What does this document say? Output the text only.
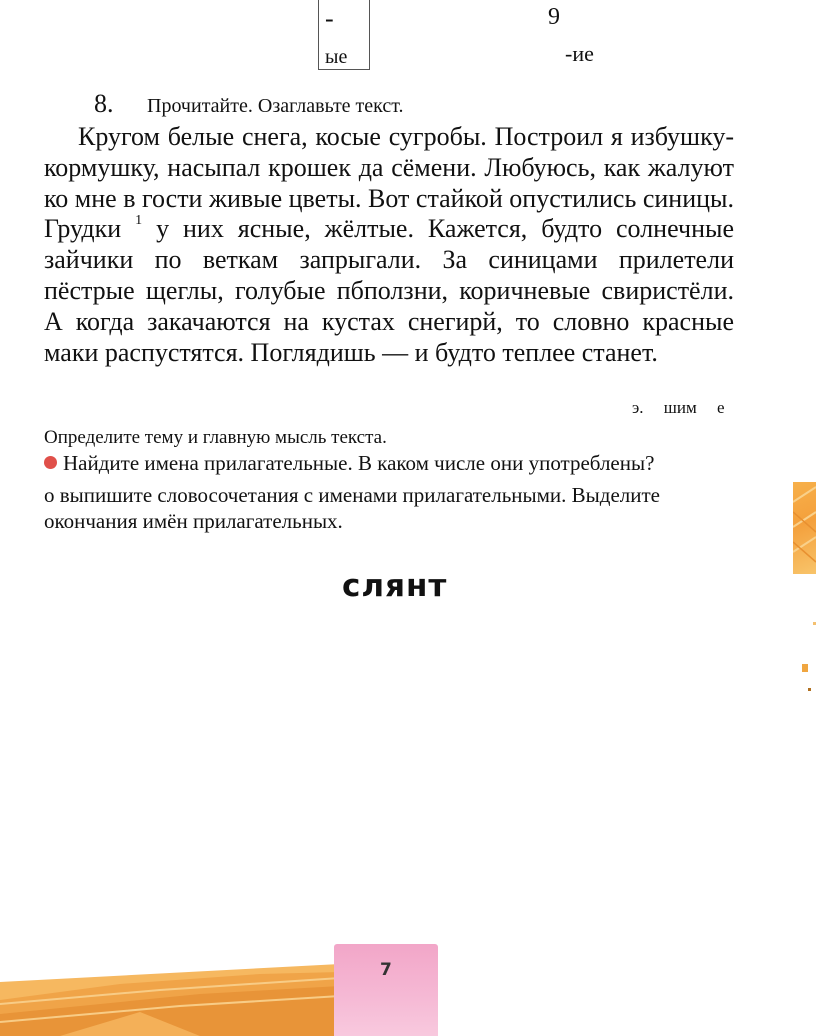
-
ые
9
-ие
8. Прочитайте. Озаглавьте текст.
Кругом белые снега, косые сугробы. Построил я избушку-кормушку, насыпал крошек да сёмени. Любуюсь, как жалуют ко мне в гости живые цветы. Вот стайкой опустились синицы. Грудки $^1$ у них ясные, жёлтые. Кажется, будто солнечные зайчики по веткам запрыгали. За синицами прилетели пёстрые щеглы, голубые пбползни, коричневые свиристёли. А когда закачаются на кустах снегирй, то словно красные маки распустятся. Поглядишь — и будто теплее станет.
э. шим е
Определите тему и главную мысль текста.
Найдите имена прилагательные. В каком числе они употреблены?
о выпишите словосочетания с именами прилагательными. Выделите
окончания имён прилагательных.
слянт
7
